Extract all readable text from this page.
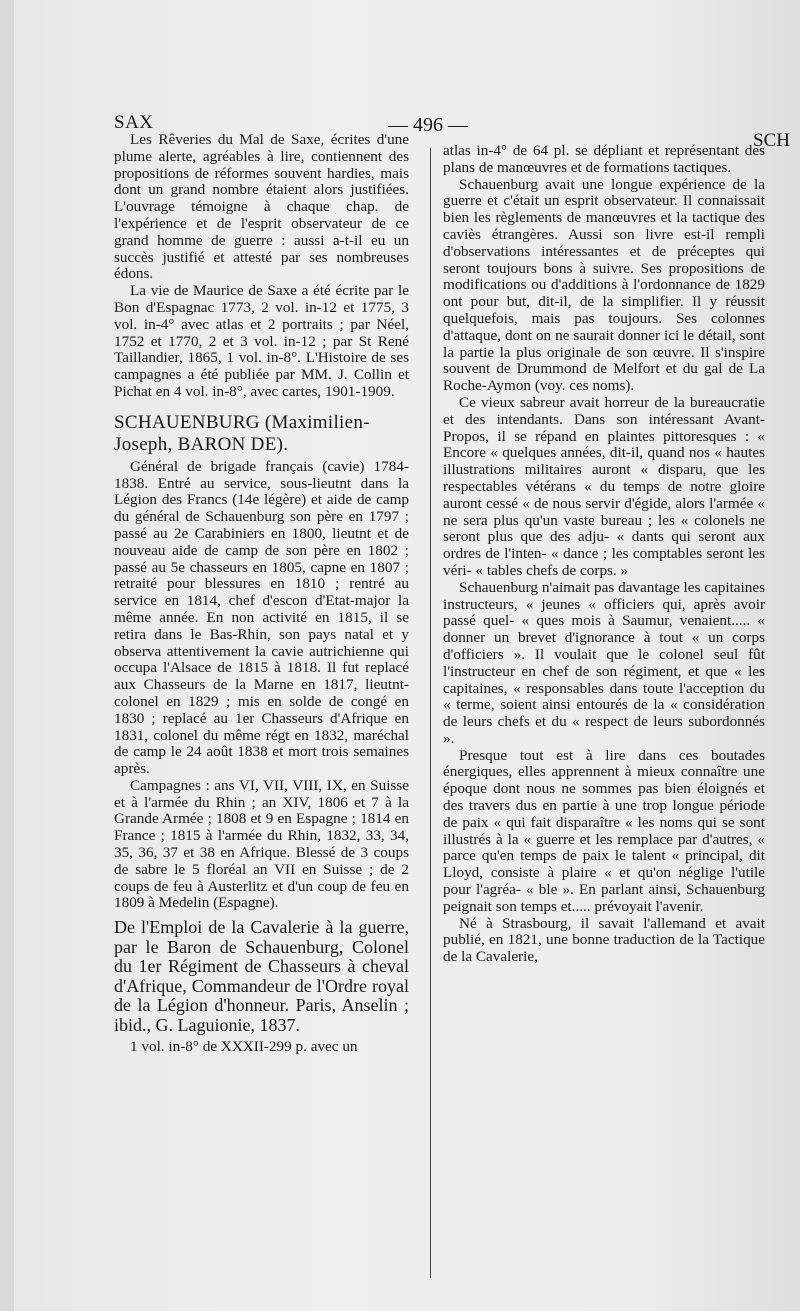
SAX	— 496 —
SCH

Les Rêveries du Mal de Saxe, écrites d'une plume alerte, agréables à lire, contiennent des propositions de réformes souvent hardies, mais dont un grand nombre étaient alors justifiées. L'ouvrage témoigne à chaque chap. de l'expérience et de l'esprit observateur de ce grand homme de guerre : aussi a-t-il eu un succès justifié et attesté par ses nombreuses édons.

La vie de Maurice de Saxe a été écrite par le Bon d'Espagnac 1773, 2 vol. in-12 et 1775, 3 vol. in-4° avec atlas et 2 portraits ; par Néel, 1752 et 1770, 2 et 3 vol. in-12 ; par St René Taillandier, 1865, 1 vol. in-8°. L'Histoire de ses campagnes a été publiée par MM. J. Collin et Pichat en 4 vol. in-8°, avec cartes, 1901-1909.

SCHAUENBURG (Maximilien-Joseph, BARON DE).

Général de brigade français (cavie) 1784-1838. Entré au service, sous-lieutnt dans la Légion des Francs (14e légère) et aide de camp du général de Schauenburg son père en 1797 ; passé au 2e Carabiniers en 1800, lieutnt et de nouveau aide de camp de son père en 1802 ; passé au 5e chasseurs en 1805, capne en 1807 ; retraité pour blessures en 1810 ; rentré au service en 1814, chef d'escon d'Etat-major la même année. En non activité en 1815, il se retira dans le Bas-Rhin, son pays natal et y observa attentivement la cavie autrichienne qui occupa l'Alsace de 1815 à 1818. Il fut replacé aux Chasseurs de la Marne en 1817, lieutnt-colonel en 1829 ; mis en solde de congé en 1830 ; replacé au 1er Chasseurs d'Afrique en 1831, colonel du même régt en 1832, maréchal de camp le 24 août 1838 et mort trois semaines après.

Campagnes : ans VI, VII, VIII, IX, en Suisse et à l'armée du Rhin ; an XIV, 1806 et 7 à la Grande Armée ; 1808 et 9 en Espagne ; 1814 en France ; 1815 à l'armée du Rhin, 1832, 33, 34, 35, 36, 37 et 38 en Afrique. Blessé de 3 coups de sabre le 5 floréal an VII en Suisse ; de 2 coups de feu à Austerlitz et d'un coup de feu en 1809 à Medelin (Espagne).

De l'Emploi de la Cavalerie à la guerre, par le Baron de Schauenburg, Colonel du 1er Régiment de Chasseurs à cheval d'Afrique, Commandeur de l'Ordre royal de la Légion d'honneur. Paris, Anselin ; ibid., G. Laguionie, 1837.

1 vol. in-8° de XXXII-299 p. avec un

atlas in-4° de 64 pl. se dépliant et représentant des plans de manœuvres et de formations tactiques.

Schauenburg avait une longue expérience de la guerre et c'était un esprit observateur. Il connaissait bien les règlements de manœuvres et la tactique des caviès étrangères. Aussi son livre est-il rempli d'observations intéressantes et de préceptes qui seront toujours bons à suivre. Ses propositions de modifications ou d'additions à l'ordonnance de 1829 ont pour but, dit-il, de la simplifier. Il y réussit quelquefois, mais pas toujours. Ses colonnes d'attaque, dont on ne saurait donner ici le détail, sont la partie la plus originale de son œuvre. Il s'inspire souvent de Drummond de Melfort et du gal de La Roche-Aymon (voy. ces noms).

Ce vieux sabreur avait horreur de la bureaucratie et des intendants. Dans son intéressant Avant-Propos, il se répand en plaintes pittoresques : « Encore « quelques années, dit-il, quand nos « hautes illustrations militaires auront « disparu, que les respectables vétérans « du temps de notre gloire auront cessé « de nous servir d'égide, alors l'armée « ne sera plus qu'un vaste bureau ; les « colonels ne seront plus que des adju- « dants qui seront aux ordres de l'inten- « dance ; les comptables seront les véri- « tables chefs de corps. »

Schauenburg n'aimait pas davantage les capitaines instructeurs, « jeunes « officiers qui, après avoir passé quel- « ques mois à Saumur, venaient..... « donner un brevet d'ignorance à tout « un corps d'officiers ». Il voulait que le colonel seul fût l'instructeur en chef de son régiment, et que « les capitaines, « responsables dans toute l'acception du « terme, soient ainsi entourés de la « considération de leurs chefs et du « respect de leurs subordonnés ».

Presque tout est à lire dans ces boutades énergiques, elles apprennent à mieux connaître une époque dont nous ne sommes pas bien éloignés et des travers dus en partie à une trop longue période de paix « qui fait disparaître « les noms qui se sont illustrés à la « guerre et les remplace par d'autres, « parce qu'en temps de paix le talent « principal, dit Lloyd, consiste à plaire « et qu'on néglige l'utile pour l'agréa- « ble ». En parlant ainsi, Schauenburg peignait son temps et..... prévoyait l'avenir.

Né à Strasbourg, il savait l'allemand et avait publié, en 1821, une bonne traduction de la Tactique de la Cavalerie,
